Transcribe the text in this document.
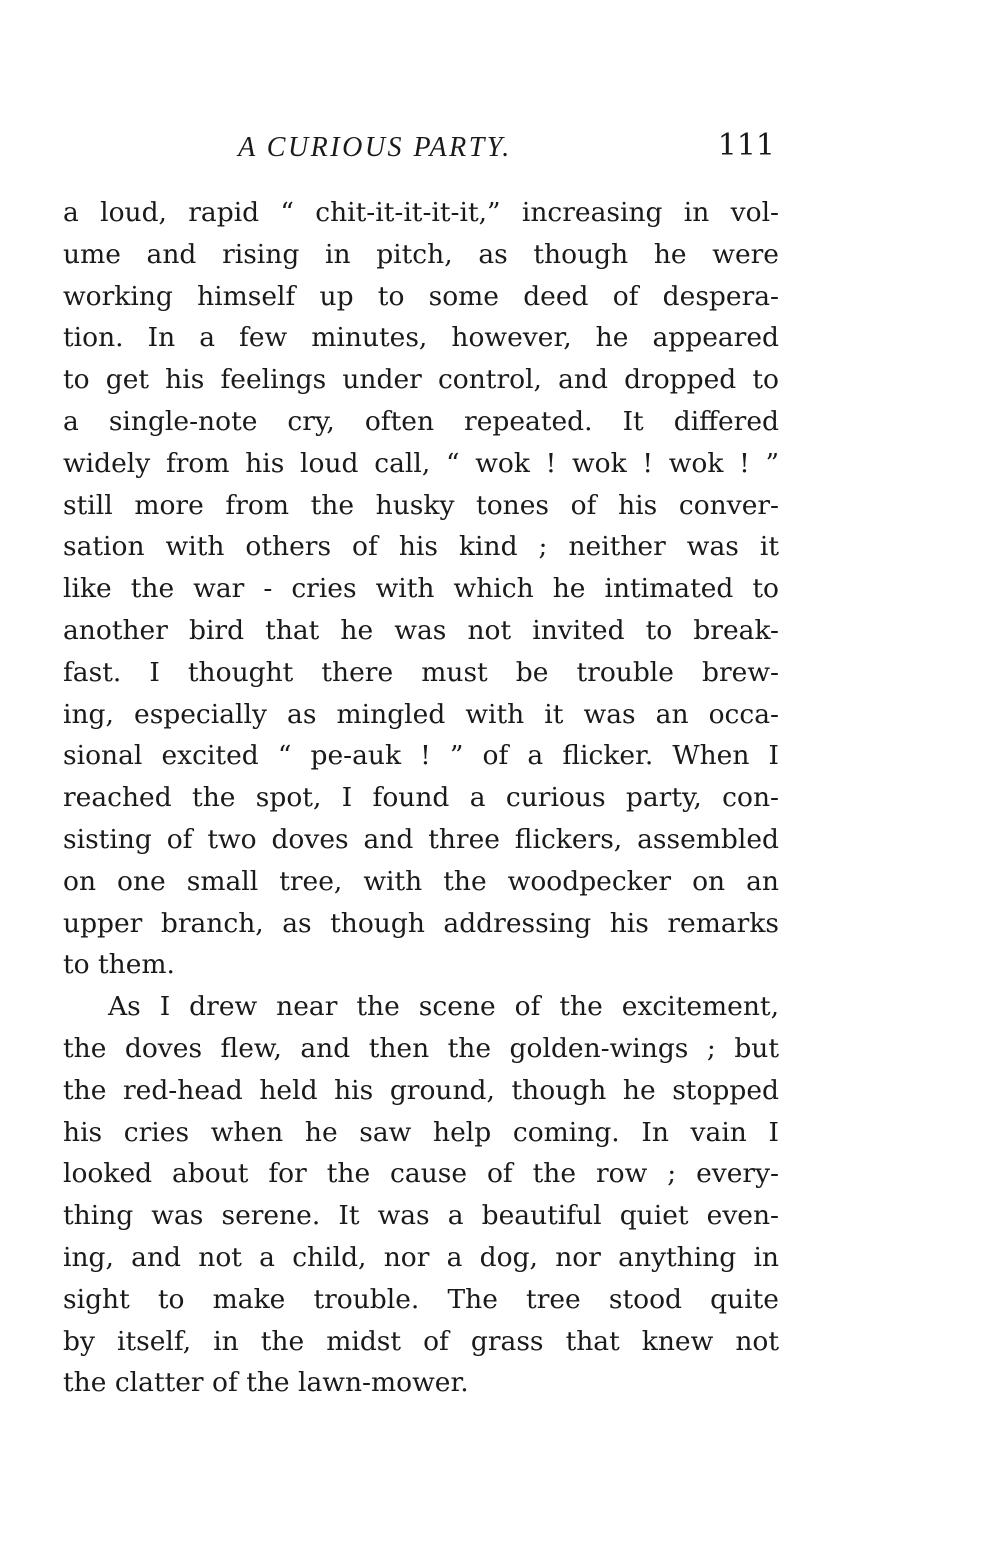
A CURIOUS PARTY.	111
a loud, rapid “ chit-it-it-it-it,” increasing in vol-
ume and rising in pitch, as though he were
working himself up to some deed of despera-
tion. In a few minutes, however, he appeared
to get his feelings under control, and dropped to
a single-note cry, often repeated. It differed
widely from his loud call, “ wok ! wok ! wok ! ”
still more from the husky tones of his conver-
sation with others of his kind ; neither was it
like the war - cries with which he intimated to
another bird that he was not invited to break-
fast. I thought there must be trouble brew-
ing, especially as mingled with it was an occa-
sional excited “ pe-auk ! ” of a flicker. When I
reached the spot, I found a curious party, con-
sisting of two doves and three flickers, assembled
on one small tree, with the woodpecker on an
upper branch, as though addressing his remarks
to them.
As I drew near the scene of the excitement,
the doves flew, and then the golden-wings ; but
the red-head held his ground, though he stopped
his cries when he saw help coming. In vain I
looked about for the cause of the row ; every-
thing was serene. It was a beautiful quiet even-
ing, and not a child, nor a dog, nor anything in
sight to make trouble. The tree stood quite
by itself, in the midst of grass that knew not
the clatter of the lawn-mower.
